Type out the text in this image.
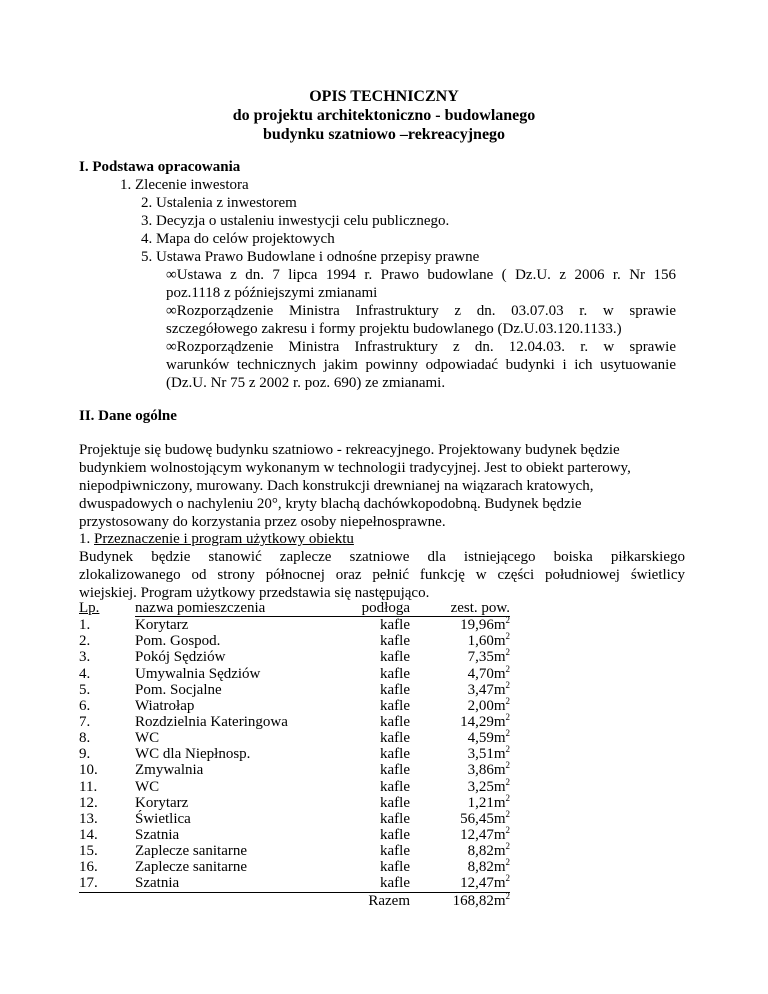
OPIS TECHNICZNY
do projektu architektoniczno - budowlanego
budynku szatniowo –rekreacyjnego
I. Podstawa opracowania
1. Zlecenie inwestora
2. Ustalenia z inwestorem
3. Decyzja o ustaleniu inwestycji celu publicznego.
4. Mapa do celów projektowych
5. Ustawa Prawo Budowlane i odnośne przepisy prawne
∞Ustawa z dn. 7 lipca 1994 r. Prawo budowlane ( Dz.U. z 2006 r. Nr 156
poz.1118 z późniejszymi zmianami
∞Rozporządzenie Ministra Infrastruktury z dn. 03.07.03 r. w sprawie
szczegółowego zakresu i formy projektu budowlanego (Dz.U.03.120.1133.)
∞Rozporządzenie Ministra Infrastruktury z dn. 12.04.03. r. w sprawie
warunków technicznych jakim powinny odpowiadać budynki i ich usytuowanie
(Dz.U. Nr 75 z 2002 r. poz. 690) ze zmianami.
II. Dane ogólne
Projektuje się budowę budynku szatniowo - rekreacyjnego. Projektowany budynek będzie
budynkiem wolnostojącym wykonanym w technologii tradycyjnej. Jest to obiekt parterowy,
niepodpiwniczony, murowany. Dach konstrukcji drewnianej na wiązarach kratowych,
dwuspadowych o nachyleniu 20°, kryty blachą dachówkopodobną. Budynek będzie
przystosowany do korzystania przez osoby niepełnosprawne.
1. Przeznaczenie i program użytkowy obiektu
Budynek będzie stanowić zaplecze szatniowe dla istniejącego boiska piłkarskiego
zlokalizowanego od strony północnej oraz pełnić funkcję w części południowej świetlicy
wiejskiej. Program użytkowy przedstawia się następująco.
Lp.	nazwa pomieszczenia	podłoga	zest. pow.
1.	Korytarz	kafle	$19,96m^2$
2.	Pom. Gospod.	kafle	$1,60m^2$
3.	Pokój Sędziów	kafle	$7,35m^2$
4.	Umywalnia Sędziów	kafle	$4,70m^2$
5.	Pom. Socjalne	kafle	$3,47m^2$
6.	Wiatrołap	kafle	$2,00m^2$
7.	Rozdzielnia Kateringowa	kafle	$14,29m^2$
8.	WC	kafle	$4,59m^2$
9.	WC dla Niepłnosp.	kafle	$3,51m^2$
10.	Zmywalnia	kafle	$3,86m^2$
11.	WC	kafle	$3,25m^2$
12.	Korytarz	kafle	$1,21m^2$
13.	Świetlica	kafle	$56,45m^2$
14.	Szatnia	kafle	$12,47m^2$
15.	Zaplecze sanitarne	kafle	$8,82m^2$
16.	Zaplecze sanitarne	kafle	$8,82m^2$
17.	Szatnia	kafle	$12,47m^2$
		Razem	$168,82m^2$
